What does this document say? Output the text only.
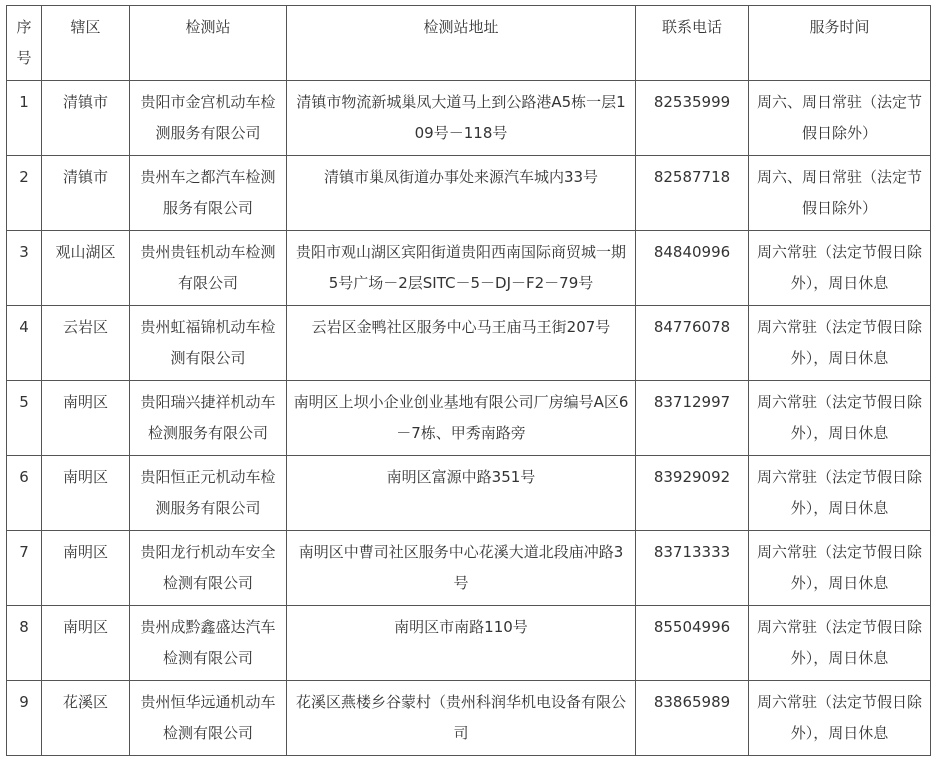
序号	辖区	检测站	检测站地址	联系电话	服务时间
1	清镇市	贵阳市金宫机动车检测服务有限公司	清镇市物流新城巢凤大道马上到公路港A5栋一层109号－118号	82535999	周六、周日常驻（法定节假日除外）
2	清镇市	贵州车之都汽车检测服务有限公司	清镇市巢凤街道办事处来源汽车城内33号	82587718	周六、周日常驻（法定节假日除外）
3	观山湖区	贵州贵钰机动车检测有限公司	贵阳市观山湖区宾阳街道贵阳西南国际商贸城一期5号广场－2层SITC－5－DJ－F2－79号	84840996	周六常驻（法定节假日除外），周日休息
4	云岩区	贵州虹福锦机动车检测有限公司	云岩区金鸭社区服务中心马王庙马王街207号	84776078	周六常驻（法定节假日除外），周日休息
5	南明区	贵阳瑞兴捷祥机动车检测服务有限公司	南明区上坝小企业创业基地有限公司厂房编号A区6－7栋、甲秀南路旁	83712997	周六常驻（法定节假日除外），周日休息
6	南明区	贵阳恒正元机动车检测服务有限公司	南明区富源中路351号	83929092	周六常驻（法定节假日除外），周日休息
7	南明区	贵阳龙行机动车安全检测有限公司	南明区中曹司社区服务中心花溪大道北段庙冲路3号	83713333	周六常驻（法定节假日除外），周日休息
8	南明区	贵州成黔鑫盛达汽车检测有限公司	南明区市南路110号	85504996	周六常驻（法定节假日除外），周日休息
9	花溪区	贵州恒华远通机动车检测有限公司	花溪区燕楼乡谷蒙村（贵州科润华机电设备有限公司	83865989	周六常驻（法定节假日除外），周日休息
